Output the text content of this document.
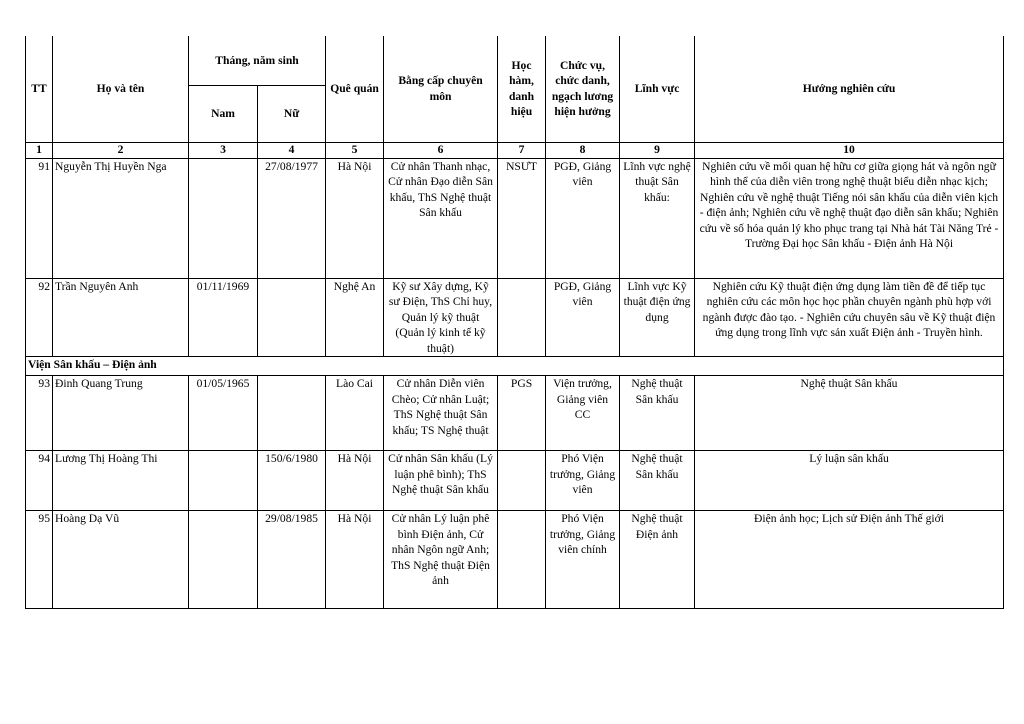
TT	Họ và tên	Tháng, năm sinh		Quê quán	Bằng cấp chuyên môn	Học hàm, danh hiệu	Chức vụ, chức danh, ngạch lương hiện hưởng	Lĩnh vực	Hướng nghiên cứu
		Nam	Nữ						
1	2	3	4	5	6	7	8	9	10
91	Nguyễn Thị Huyền Nga		27/08/1977	Hà Nội	Cử nhân Thanh nhạc, Cử nhân Đạo diễn Sân khấu, ThS Nghệ thuật Sân khấu	NSƯT	PGĐ, Giảng viên	Lĩnh vực nghệ thuật Sân khấu:	Nghiên cứu về mối quan hệ hữu cơ giữa giọng hát và ngôn ngữ hình thể của diễn viên trong nghệ thuật biểu diễn nhạc kịch; Nghiên cứu về nghệ thuật Tiếng nói sân khấu của diễn viên kịch - điện ảnh; Nghiên cứu về nghệ thuật đạo diễn sân khấu; Nghiên cứu về số hóa quản lý kho phục trang tại Nhà hát Tài Năng Trẻ - Trường Đại học Sân khấu - Điện ảnh Hà Nội
92	Trần Nguyên Anh	01/11/1969		Nghệ An	Kỹ sư Xây dựng, Kỹ sư Điện, ThS Chỉ huy, Quản lý kỹ thuật (Quản lý kinh tế kỹ thuật)		PGĐ, Giảng viên	Lĩnh vực Kỹ thuật điện ứng dụng	Nghiên cứu Kỹ thuật điện ứng dụng làm tiền đề để tiếp tục nghiên cứu các môn học học phần chuyên ngành phù hợp với ngành được đào tạo. - Nghiên cứu chuyên sâu về Kỹ thuật điện ứng dụng trong lĩnh vực sản xuất Điện ảnh - Truyền hình.
Viện Sân khấu – Điện ảnh									
93	Đinh Quang Trung	01/05/1965		Lào Cai	Cử nhân Diễn viên Chèo; Cử nhân Luật; ThS Nghệ thuật Sân khấu; TS Nghệ thuật	PGS	Viện trưởng, Giảng viên CC	Nghệ thuật Sân khấu	Nghệ thuật Sân khấu
94	Lương Thị Hoàng Thi		150/6/1980	Hà Nội	Cử nhân Sân khấu (Lý luận phê bình); ThS Nghệ thuật Sân khấu		Phó Viện trưởng, Giảng viên	Nghệ thuật Sân khấu	Lý luận sân khấu
95	Hoàng Dạ Vũ		29/08/1985	Hà Nội	Cử nhân Lý luận phê bình Điện ảnh, Cử nhân Ngôn ngữ Anh; ThS Nghệ thuật Điện ảnh		Phó Viện trưởng, Giảng viên chính	Nghệ thuật Điện ảnh	Điện ảnh học; Lịch sử Điện ảnh Thế giới
